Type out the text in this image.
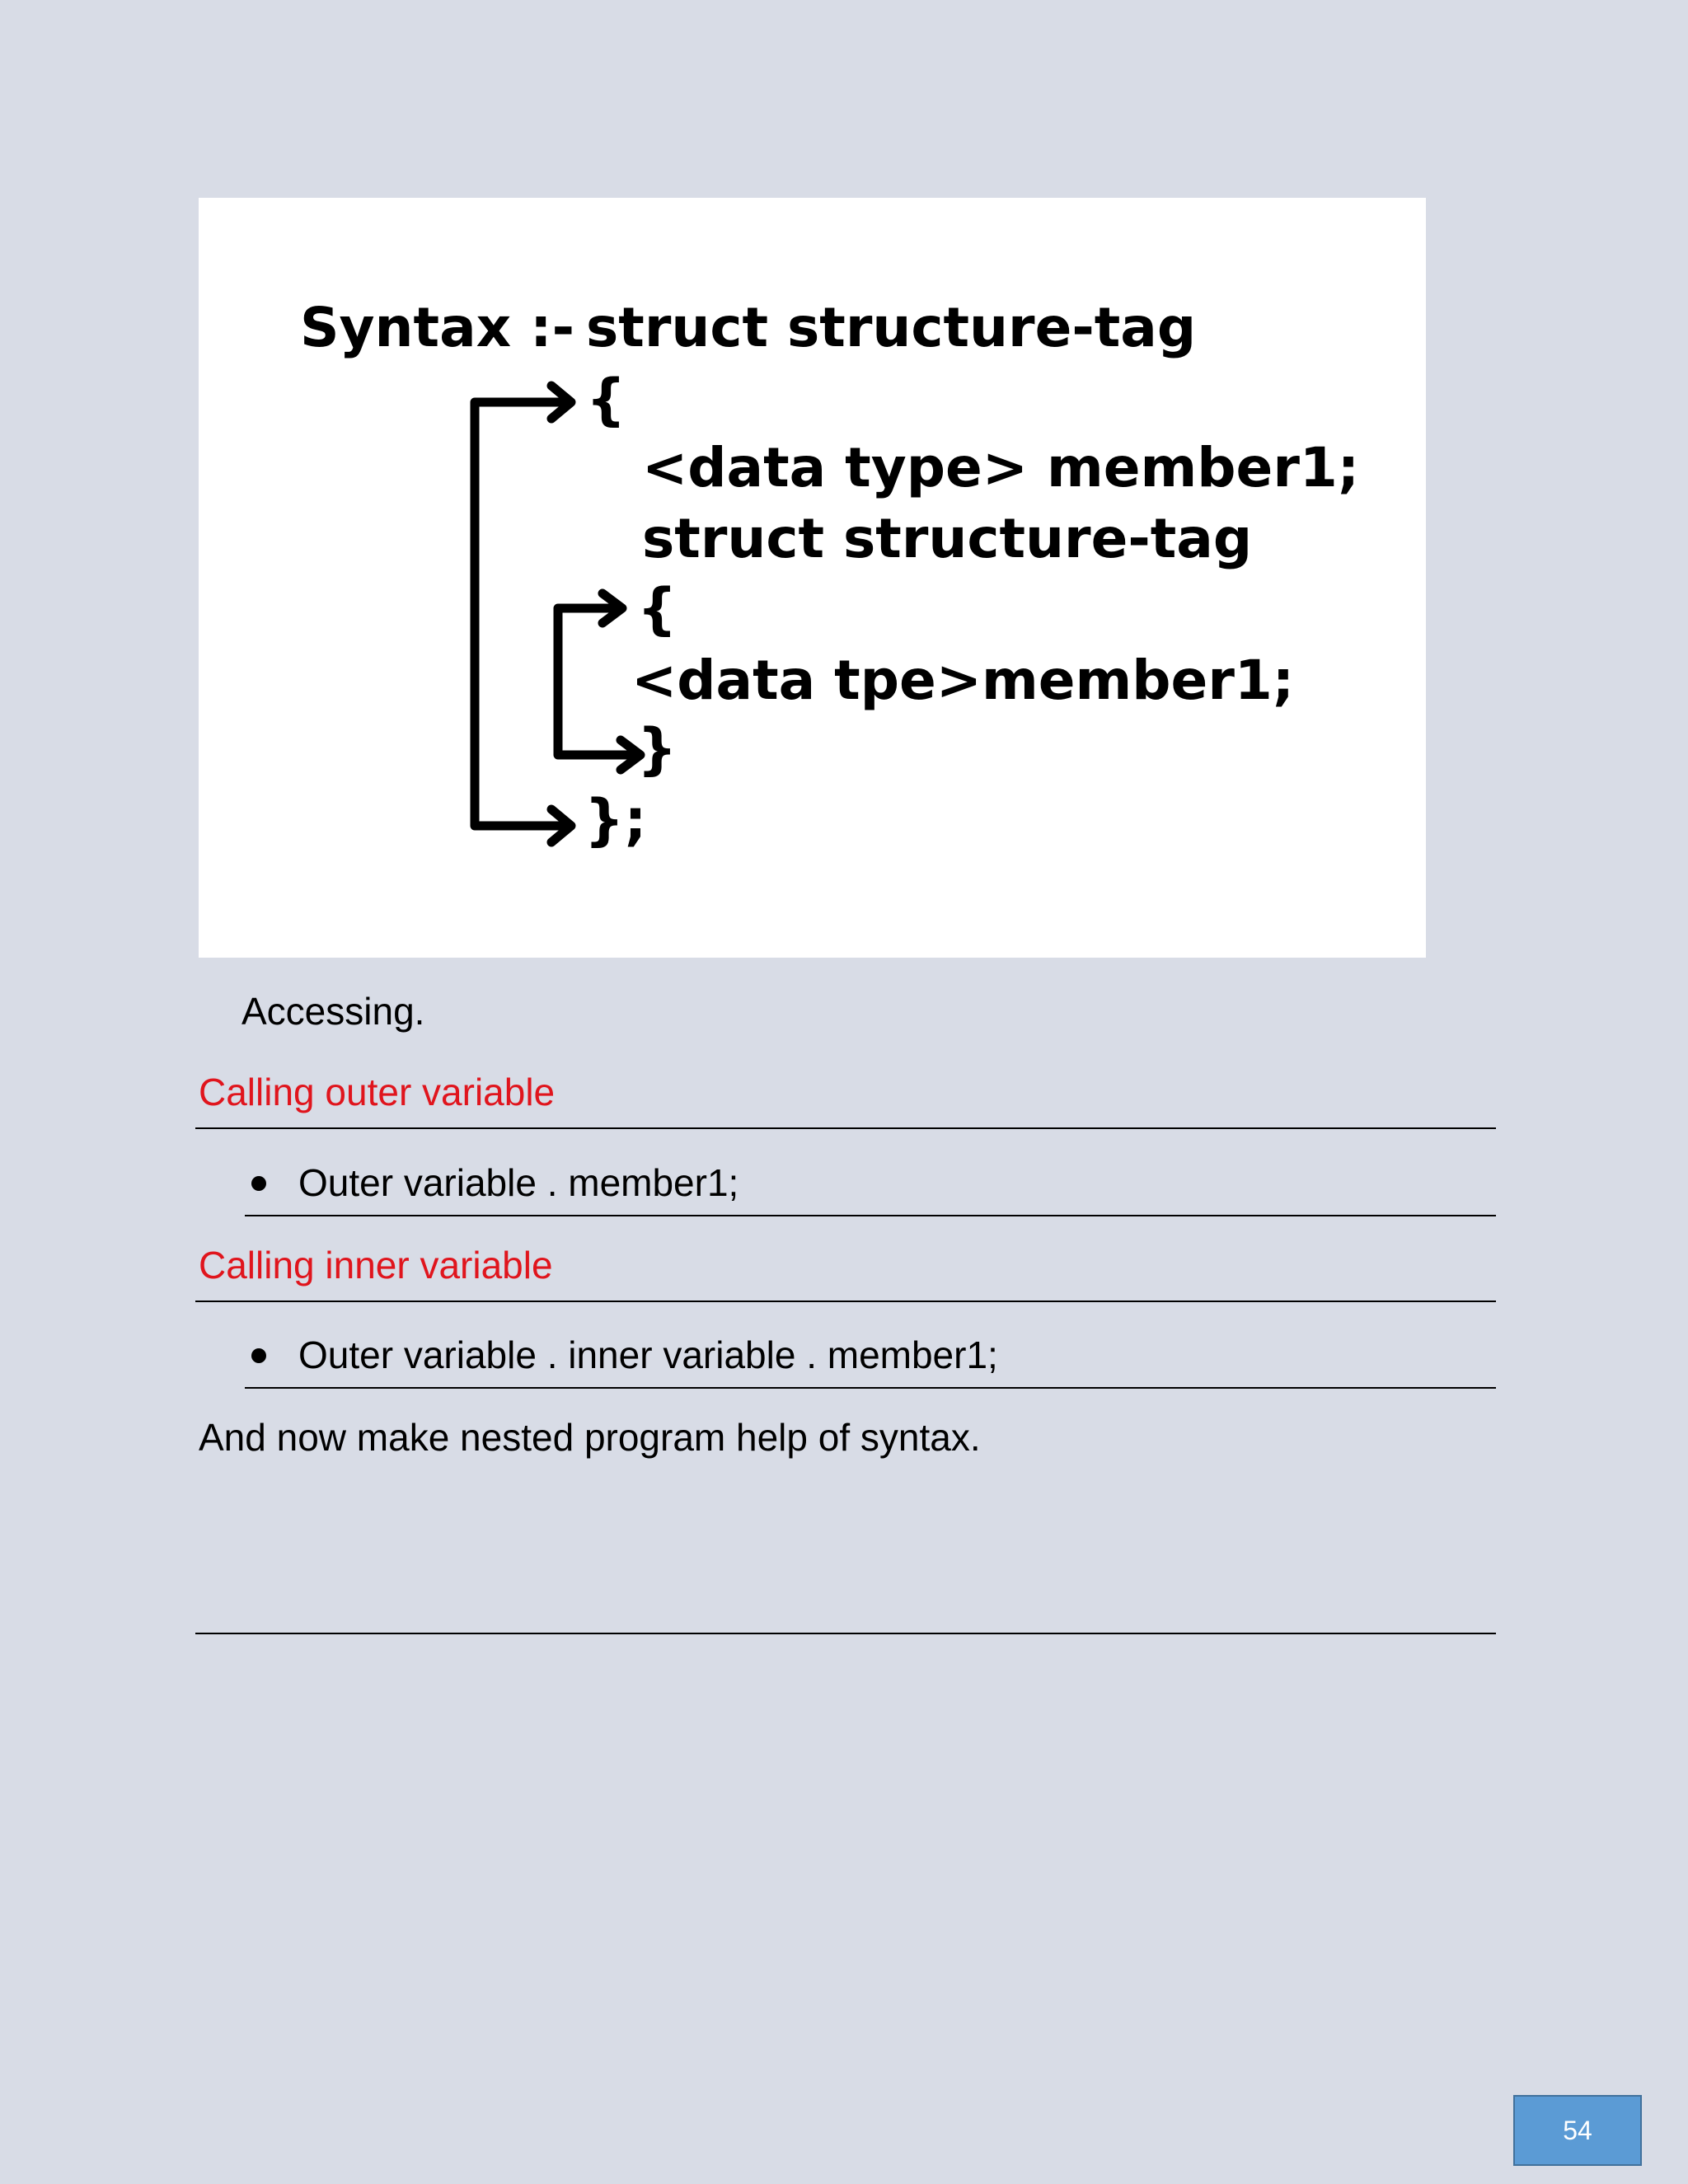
Syntax :- struct structure-tag
{
<data type> member1;
struct structure-tag
{
<data tpe>member1;
}
};
Accessing.
Calling outer variable
Outer variable . member1;
Calling inner variable
Outer variable . inner variable . member1;
And now make nested program help of syntax.
54
